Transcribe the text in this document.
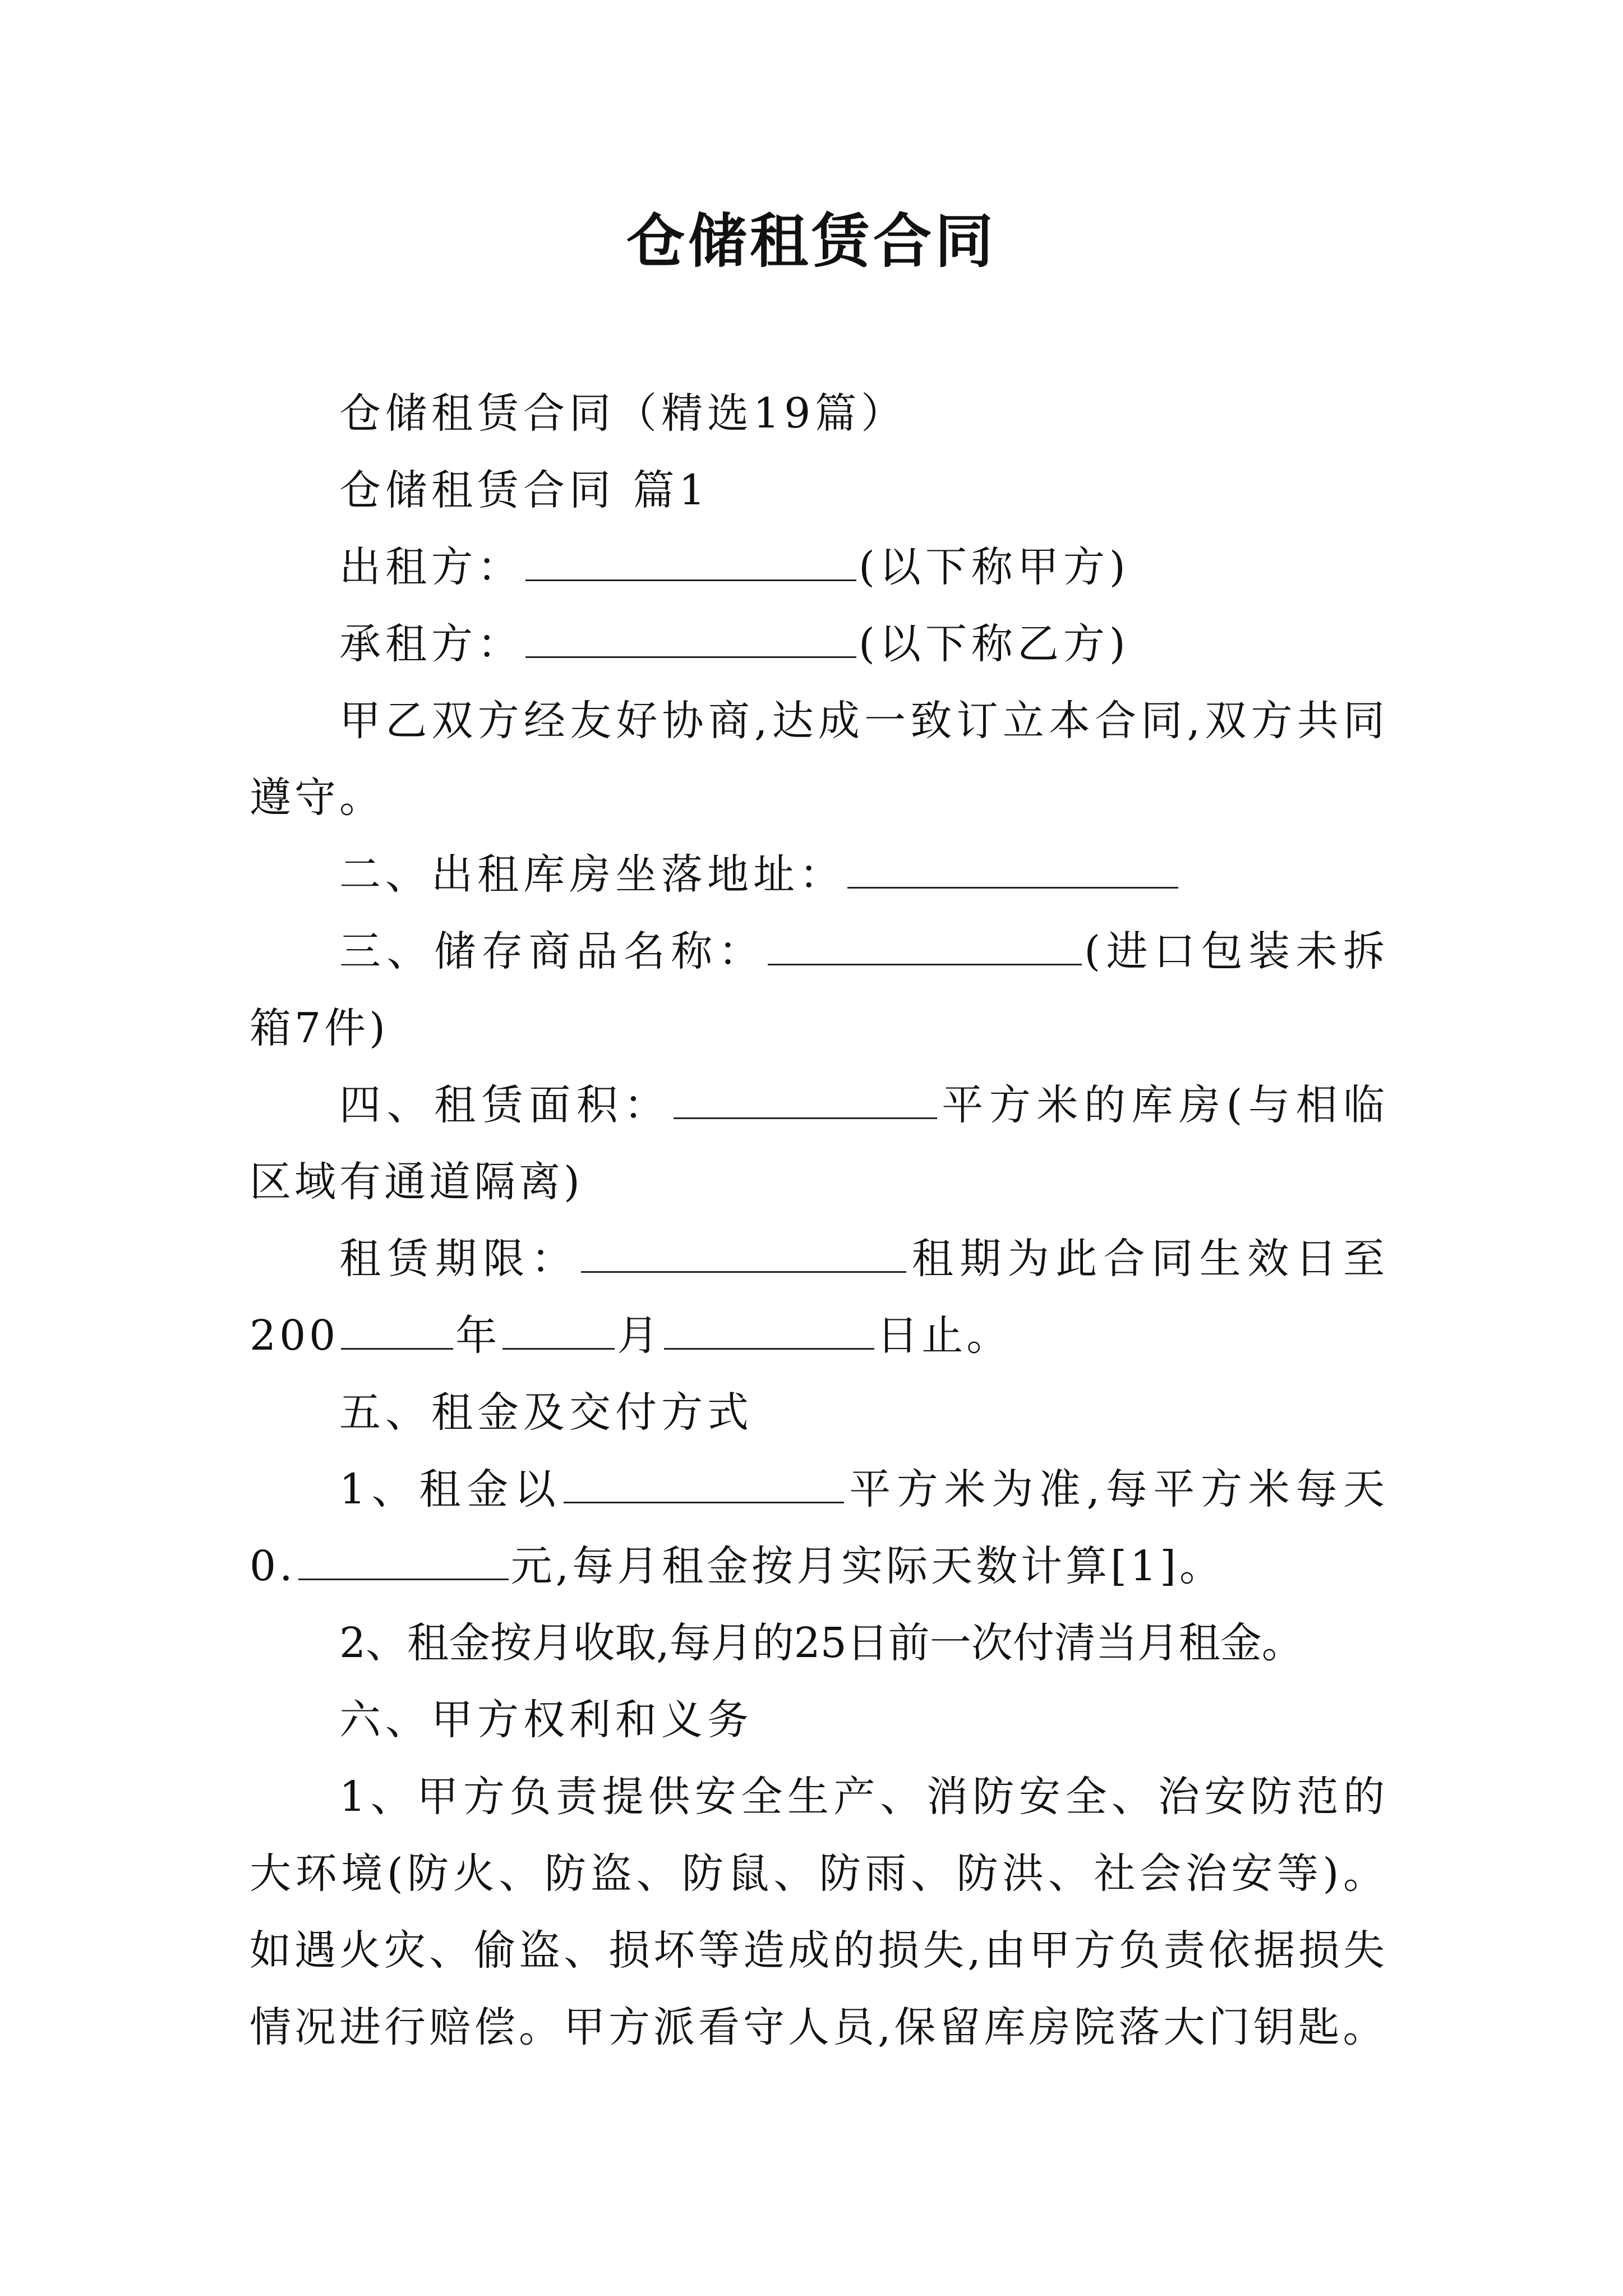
仓储租赁合同

仓储租赁合同（精选19篇）

仓储租赁合同 篇1

出租方：	(以下称甲方)

承租方：	(以下称乙方)

甲乙双方经友好协商,达成一致订立本合同,双方共同遵守。

二、出租库房坐落地址：

三、储存商品名称：	(进口包装未拆箱7件)

四、租赁面积：	平方米的库房(与相临区域有通道隔离)

租赁期限：	租期为此合同生效日至200	年	月	日止。

五、租金及交付方式

1、租金以	平方米为准,每平方米每天0.	元,每月租金按月实际天数计算[1]。

2、租金按月收取,每月的25日前一次付清当月租金。

六、甲方权利和义务

1、甲方负责提供安全生产、消防安全、治安防范的大环境(防火、防盗、防鼠、防雨、防洪、社会治安等)。如遇火灾、偷盗、损坏等造成的损失,由甲方负责依据损失情况进行赔偿。甲方派看守人员,保留库房院落大门钥匙。
